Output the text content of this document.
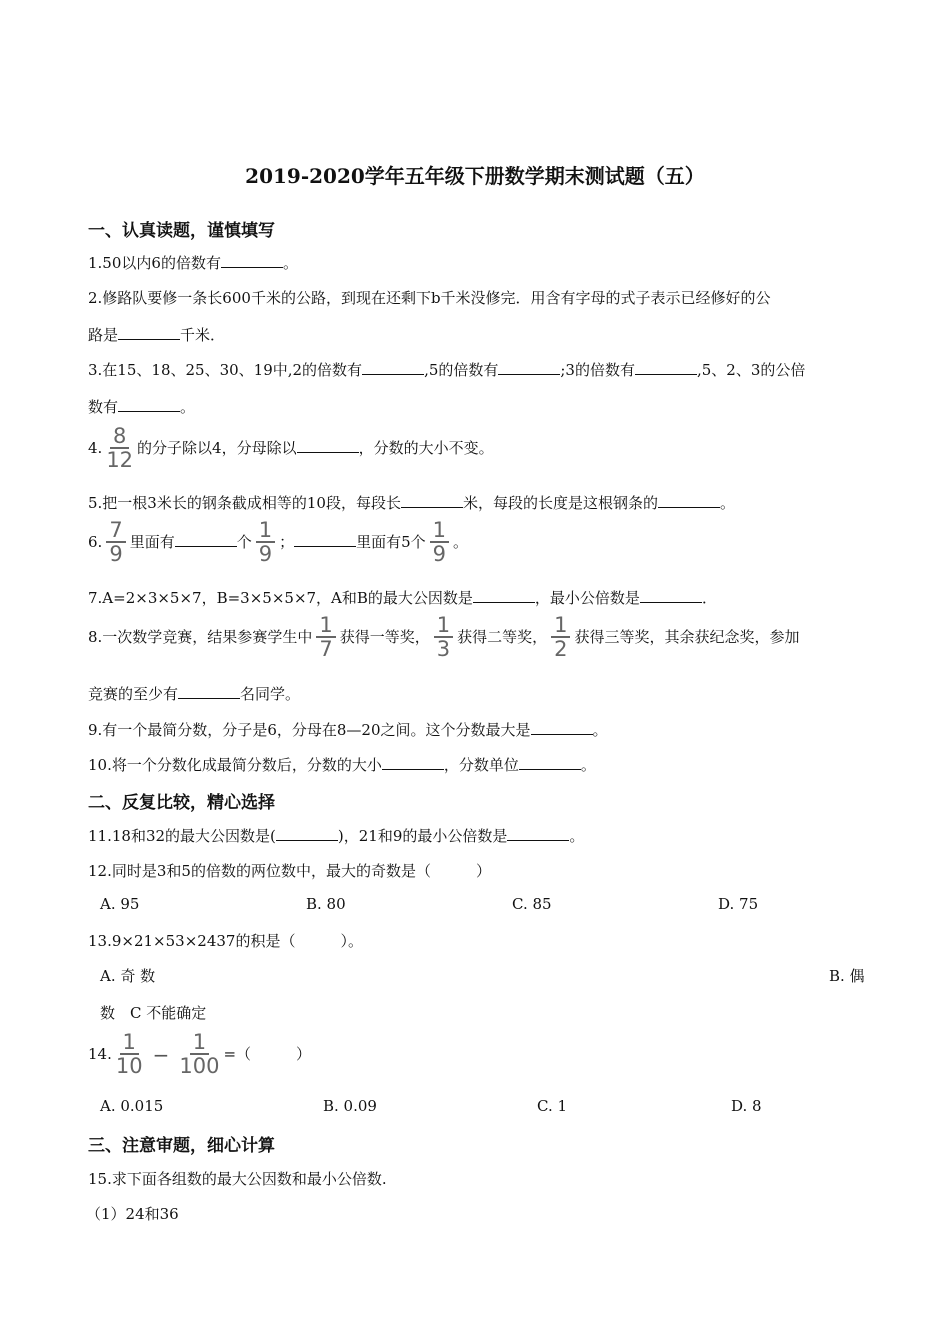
2019-2020学年五年级下册数学期末测试题（五）
一、认真读题，谨慎填写
1.50以内6的倍数有	。
2.修路队要修一条长600千米的公路，到现在还剩下b千米没修完．用含有字母的式子表示已经修好的公
路是	千米．
3.在15、18、25、30、19中,2的倍数有	,5的倍数有	;3的倍数有	,5、2、3的公倍
数有	。
4. $\frac{8}{12}$ 的分子除以4，分母除以	，分数的大小不变。
5.把一根3米长的钢条截成相等的10段，每段长	米，每段的长度是这根钢条的	。
6. $\frac{7}{9}$ 里面有	个 $\frac{1}{9}$ ；	里面有5个 $\frac{1}{9}$ 。
7.A=2×3×5×7，B=3×5×5×7，A和B的最大公因数是	，最小公倍数是	．
8.一次数学竞赛，结果参赛学生中 $\frac{1}{7}$ 获得一等奖， $\frac{1}{3}$ 获得二等奖， $\frac{1}{2}$ 获得三等奖，其余获纪念奖，参加
竞赛的至少有	名同学。
9.有一个最简分数，分子是6，分母在8—20之间。这个分数最大是	。
10.将一个分数化成最简分数后，分数的大小	，分数单位	。
二、反复比较，精心选择
11.18和32的最大公因数是(	)，21和9的最小公倍数是	。
12.同时是3和5的倍数的两位数中，最大的奇数是（　　　）
A. 95	B. 80	C. 85	D. 75
13.9×21×53×2437的积是（　　　）。
A. 奇 数	B. 偶
数　C 不能确定
14. $\frac{1}{10} - \frac{1}{100}$ =（　　　）
A. 0.015	B. 0.09	C. 1	D. 8
三、注意审题，细心计算
15.求下面各组数的最大公因数和最小公倍数.
（1）24和36
